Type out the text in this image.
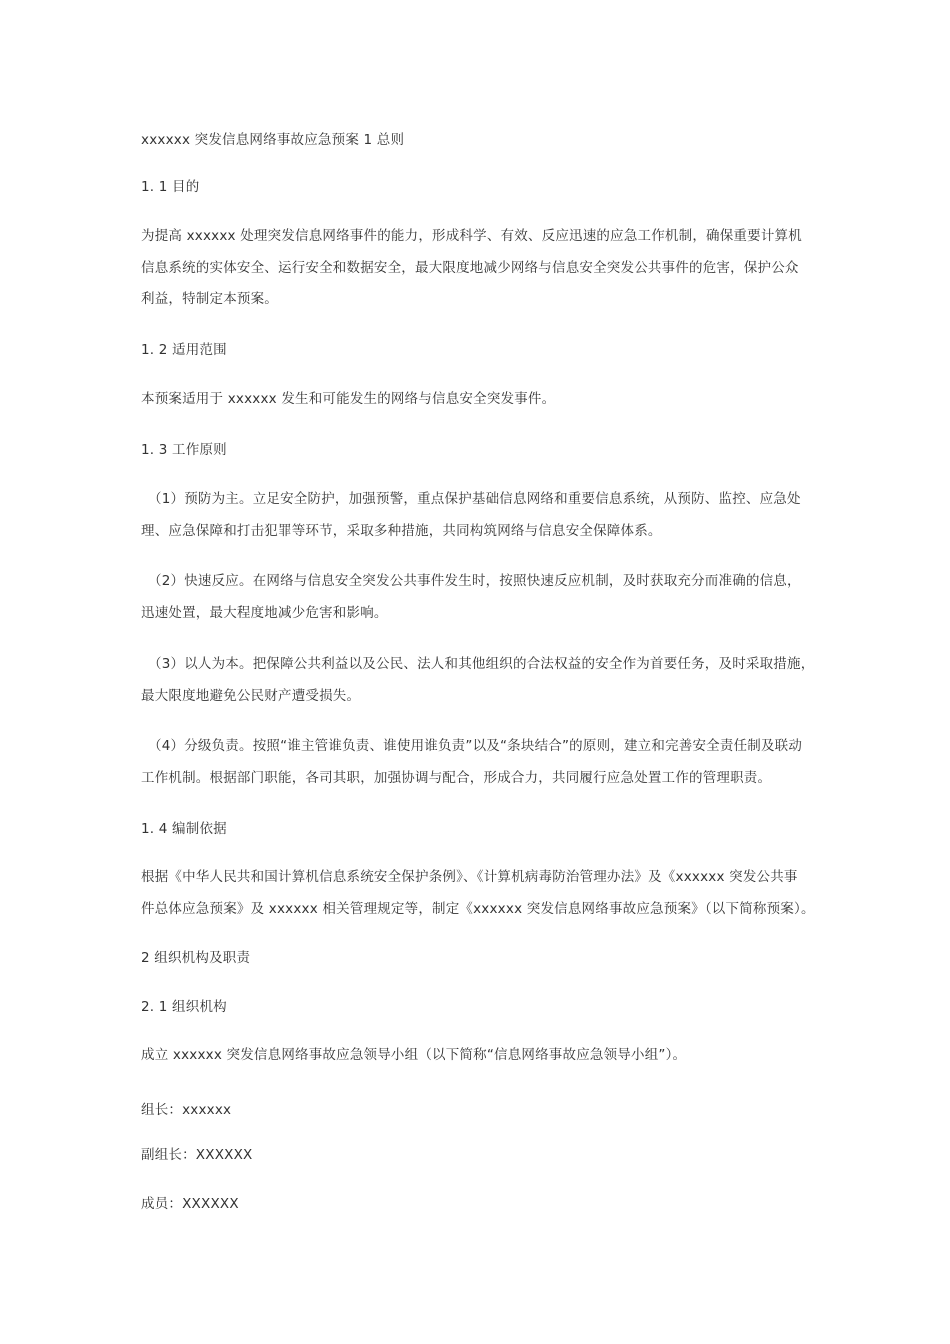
xxxxxx 突发信息网络事故应急预案 1 总则
1. 1 目的
为提高 xxxxxx 处理突发信息网络事件的能力，形成科学、有效、反应迅速的应急工作机制，确保重要计算机
信息系统的实体安全、运行安全和数据安全，最大限度地减少网络与信息安全突发公共事件的危害，保护公众
利益，特制定本预案。
1. 2 适用范围
本预案适用于 xxxxxx 发生和可能发生的网络与信息安全突发事件。
1. 3 工作原则
（1）预防为主。立足安全防护，加强预警，重点保护基础信息网络和重要信息系统，从预防、监控、应急处
理、应急保障和打击犯罪等环节，采取多种措施，共同构筑网络与信息安全保障体系。
（2）快速反应。在网络与信息安全突发公共事件发生时，按照快速反应机制，及时获取充分而准确的信息，
迅速处置，最大程度地减少危害和影响。
（3）以人为本。把保障公共利益以及公民、法人和其他组织的合法权益的安全作为首要任务，及时采取措施，
最大限度地避免公民财产遭受损失。
（4）分级负责。按照“谁主管谁负责、谁使用谁负责”以及“条块结合”的原则，建立和完善安全责任制及联动
工作机制。根据部门职能，各司其职，加强协调与配合，形成合力，共同履行应急处置工作的管理职责。
1. 4 编制依据
根据《中华人民共和国计算机信息系统安全保护条例》、《计算机病毒防治管理办法》及《xxxxxx 突发公共事
件总体应急预案》及 xxxxxx 相关管理规定等，制定《xxxxxx 突发信息网络事故应急预案》（以下简称预案）。
2 组织机构及职责
2. 1 组织机构
成立 xxxxxx 突发信息网络事故应急领导小组（以下简称“信息网络事故应急领导小组”）。
组长：xxxxxx
副组长：XXXXXX
成员：XXXXXX
